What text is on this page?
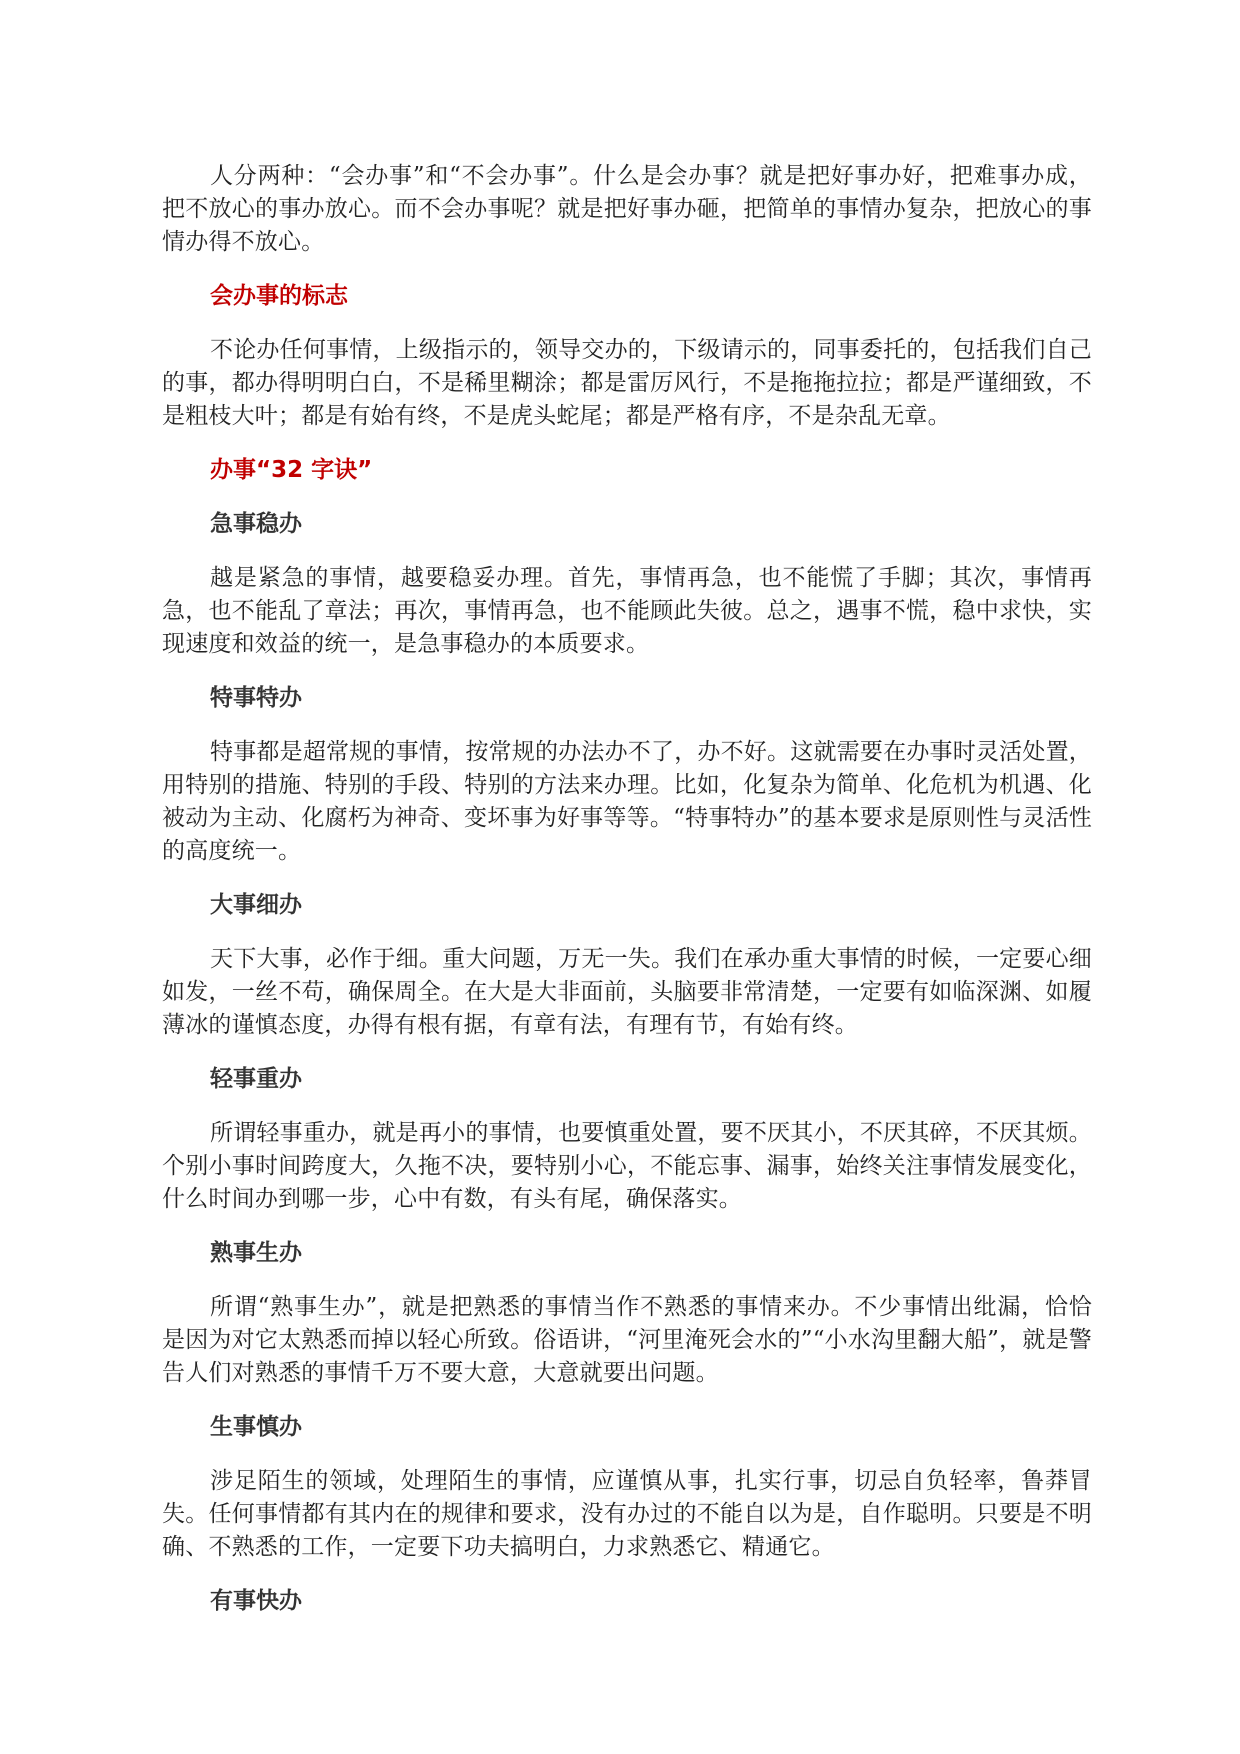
人分两种：“会办事”和“不会办事”。什么是会办事？就是把好事办好，把难事办成，把不放心的事办放心。而不会办事呢？就是把好事办砸，把简单的事情办复杂，把放心的事情办得不放心。

会办事的标志

不论办任何事情，上级指示的，领导交办的，下级请示的，同事委托的，包括我们自己的事，都办得明明白白，不是稀里糊涂；都是雷厉风行，不是拖拖拉拉；都是严谨细致，不是粗枝大叶；都是有始有终，不是虎头蛇尾；都是严格有序，不是杂乱无章。

办事“32 字诀”
急事稳办

越是紧急的事情，越要稳妥办理。首先，事情再急，也不能慌了手脚；其次，事情再急，也不能乱了章法；再次，事情再急，也不能顾此失彼。总之，遇事不慌，稳中求快，实现速度和效益的统一，是急事稳办的本质要求。

特事特办

特事都是超常规的事情，按常规的办法办不了，办不好。这就需要在办事时灵活处置，用特别的措施、特别的手段、特别的方法来办理。比如，化复杂为简单、化危机为机遇、化被动为主动、化腐朽为神奇、变坏事为好事等等。“特事特办”的基本要求是原则性与灵活性的高度统一。

大事细办

天下大事，必作于细。重大问题，万无一失。我们在承办重大事情的时候，一定要心细如发，一丝不苟，确保周全。在大是大非面前，头脑要非常清楚，一定要有如临深渊、如履薄冰的谨慎态度，办得有根有据，有章有法，有理有节，有始有终。

轻事重办

所谓轻事重办，就是再小的事情，也要慎重处置，要不厌其小，不厌其碎，不厌其烦。个别小事时间跨度大，久拖不决，要特别小心，不能忘事、漏事，始终关注事情发展变化，什么时间办到哪一步，心中有数，有头有尾，确保落实。

熟事生办

所谓“熟事生办”，就是把熟悉的事情当作不熟悉的事情来办。不少事情出纰漏，恰恰是因为对它太熟悉而掉以轻心所致。俗语讲，“河里淹死会水的”“小水沟里翻大船”，就是警告人们对熟悉的事情千万不要大意，大意就要出问题。

生事慎办

涉足陌生的领域，处理陌生的事情，应谨慎从事，扎实行事，切忌自负轻率，鲁莽冒失。任何事情都有其内在的规律和要求，没有办过的不能自以为是，自作聪明。只要是不明确、不熟悉的工作，一定要下功夫搞明白，力求熟悉它、精通它。

有事快办
